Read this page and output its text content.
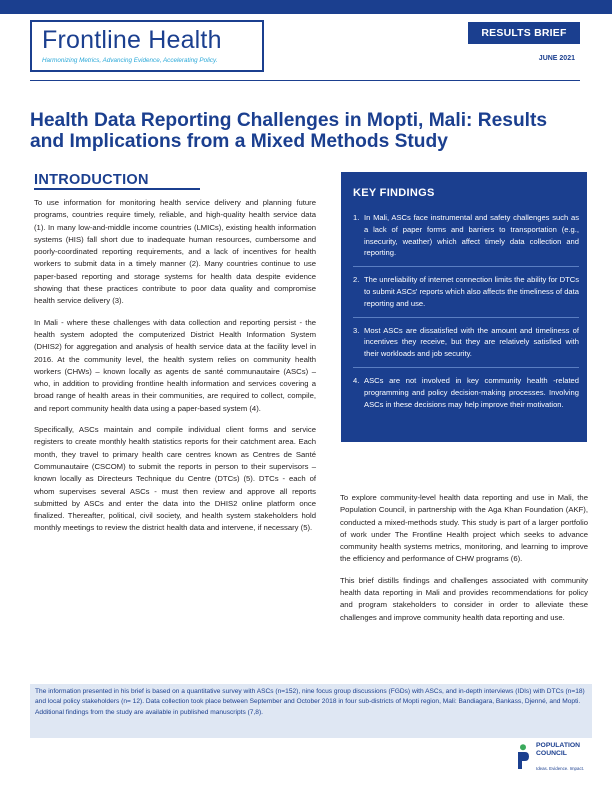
Frontline Health
Harmonizing Metrics, Advancing Evidence, Accelerating Policy.
RESULTS BRIEF
JUNE 2021
Health Data Reporting Challenges in Mopti, Mali: Results and Implications from a Mixed Methods Study
INTRODUCTION

To use information for monitoring health service delivery and planning future programs, countries require timely, reliable, and high-quality health service data (1). In many low-and-middle income countries (LMICs), existing health information systems (HIS) fall short due to inadequate human resources, cumbersome and poorly-coordinated reporting requirements, and a lack of incentives for health workers to submit data in a timely manner (2). Many countries continue to use paper-based reporting and storage systems for health data despite evidence showing that these practices contribute to poor data quality and compromise health service delivery (3).

In Mali - where these challenges with data collection and reporting persist - the health system adopted the computerized District Health Information System (DHIS2) for aggregation and analysis of health service data at the facility level in 2016. At the community level, the health system relies on community health workers (CHWs) – known locally as agents de santé communautaire (ASCs) – who, in addition to providing frontline health information and services covering a broad range of health areas in their communities, are required to collect, compile, and report community health data using a paper-based system (4).

Specifically, ASCs maintain and compile individual client forms and service registers to create monthly health statistics reports for their catchment area. Each month, they travel to primary health care centres known as Centres de Santé Communautaire (CSCOM) to submit the reports in person to their supervisors – known locally as Directeurs Technique du Centre (DTCs) (5). DTCs - each of whom supervises several ASCs - must then review and approve all reports submitted by ASCs and enter the data into the DHIS2 online platform once finalized. Thereafter, political, civil society, and health system stakeholders hold monthly meetings to review the district health data and intervene, if necessary (5).

KEY FINDINGS
1. In Mali, ASCs face instrumental and safety challenges such as a lack of paper forms and barriers to transportation (e.g., insecurity, weather) which affect timely data collection and reporting.
2. The unreliability of internet connection limits the ability for DTCs to submit ASCs' reports which also affects the timeliness of data reporting and use.
3. Most ASCs are dissatisfied with the amount and timeliness of incentives they receive, but they are relatively satisfied with their workloads and job security.
4. ASCs are not involved in key community health -related programming and policy decision-making processes. Involving ASCs in these decisions may help improve their motivation.

To explore community-level health data reporting and use in Mali, the Population Council, in partnership with the Aga Khan Foundation (AKF), conducted a mixed-methods study. This study is part of a larger portfolio of work under The Frontline Health project which seeks to advance community health systems metrics, monitoring, and learning to improve the efficiency and performance of CHW programs (6).

This brief distills findings and challenges associated with community health data reporting in Mali and provides recommendations for policy and program stakeholders to consider in order to alleviate these challenges and improve community health data reporting and use.

The information presented in his brief is based on a quantitative survey with ASCs (n=152), nine focus group discussions (FGDs) with ASCs, and in-depth interviews (IDIs) with DTCs (n=18) and local policy stakeholders (n= 12). Data collection took place between September and October 2018 in four sub-districts of Mopti region, Mali: Bandiagara, Bankass, Djenné, and Mopti. Additional findings from the study are available in published manuscripts (7,8).
POPULATION
COUNCIL
Ideas. Evidence. Impact.
